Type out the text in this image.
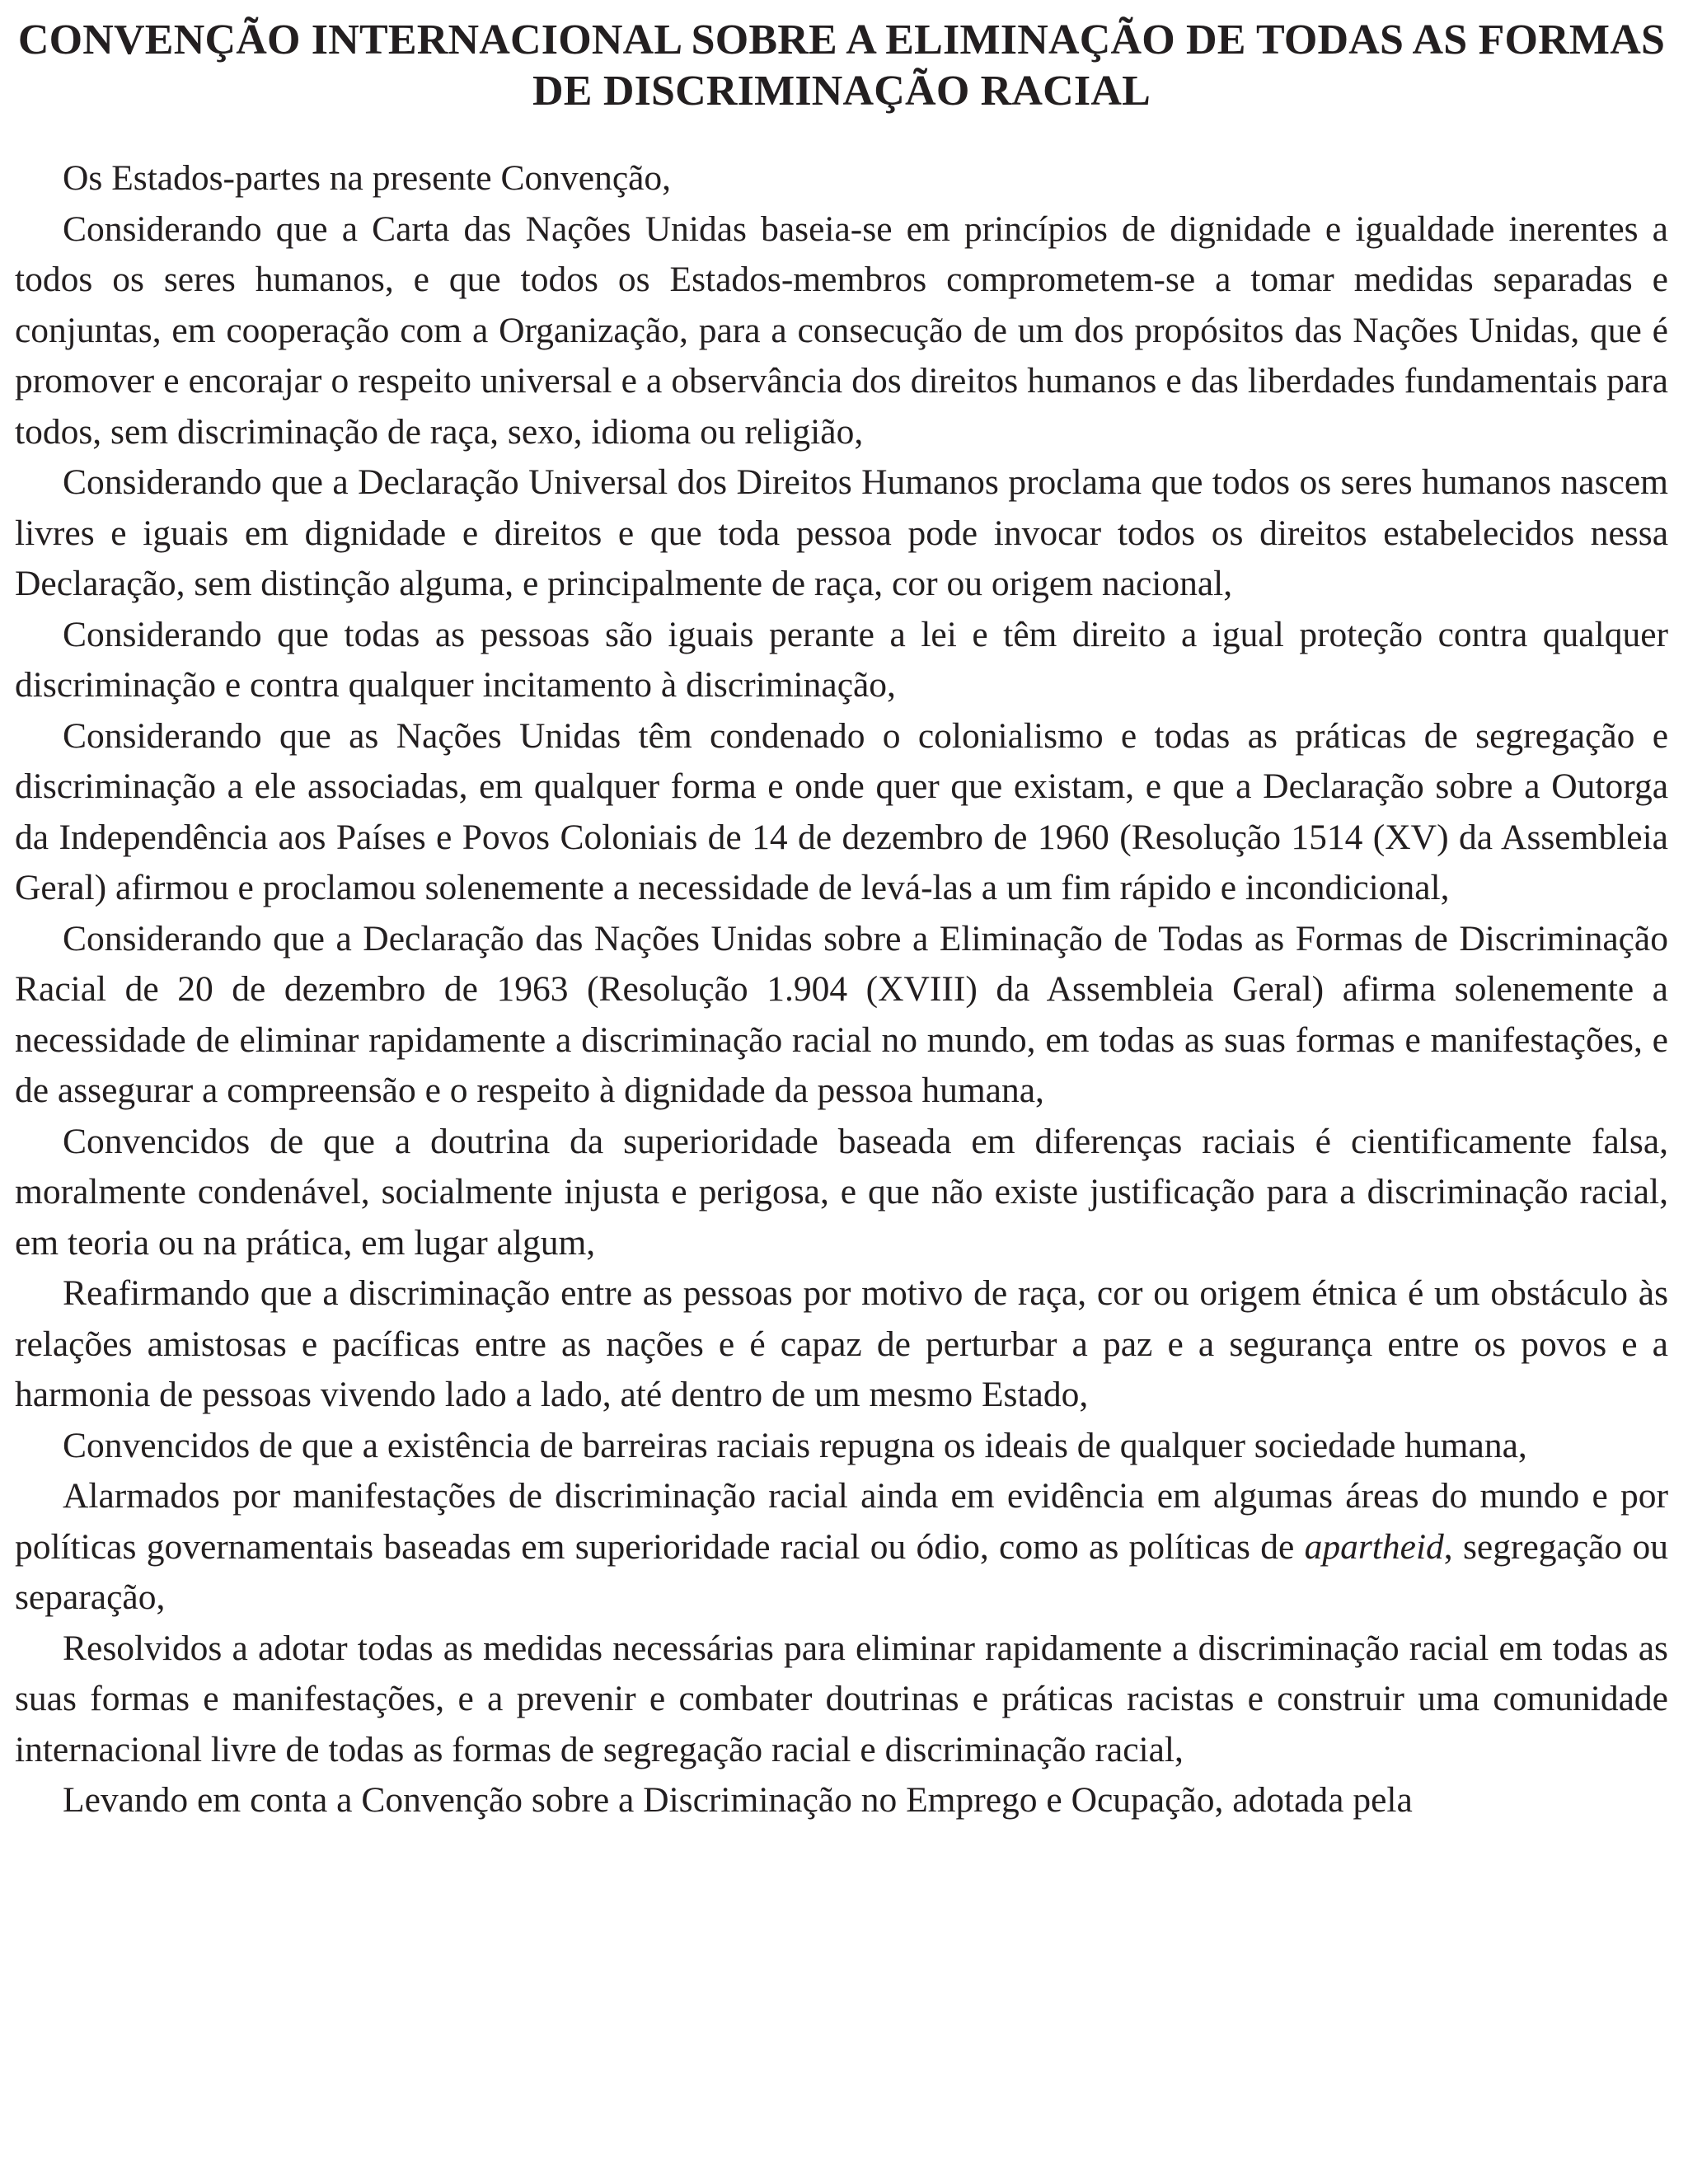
CONVENÇÃO INTERNACIONAL SOBRE A ELIMINAÇÃO DE TODAS AS FORMAS DE DISCRIMINAÇÃO RACIAL

Os Estados-partes na presente Convenção,

Considerando que a Carta das Nações Unidas baseia-se em princípios de dignidade e igualdade inerentes a todos os seres humanos, e que todos os Estados-membros comprometem-se a tomar medidas separadas e conjuntas, em cooperação com a Organização, para a consecução de um dos propósitos das Nações Unidas, que é promover e encorajar o respeito universal e a observância dos direitos humanos e das liberdades fundamentais para todos, sem discriminação de raça, sexo, idioma ou religião,

Considerando que a Declaração Universal dos Direitos Humanos proclama que todos os seres humanos nascem livres e iguais em dignidade e direitos e que toda pessoa pode invocar todos os direitos estabelecidos nessa Declaração, sem distinção alguma, e principalmente de raça, cor ou origem nacional,

Considerando que todas as pessoas são iguais perante a lei e têm direito a igual proteção contra qualquer discriminação e contra qualquer incitamento à discriminação,

Considerando que as Nações Unidas têm condenado o colonialismo e todas as práticas de segregação e discriminação a ele associadas, em qualquer forma e onde quer que existam, e que a Declaração sobre a Outorga da Independência aos Países e Povos Coloniais de 14 de dezembro de 1960 (Resolução 1514 (XV) da Assembleia Geral) afirmou e proclamou solenemente a necessidade de levá-las a um fim rápido e incondicional,

Considerando que a Declaração das Nações Unidas sobre a Eliminação de Todas as Formas de Discriminação Racial de 20 de dezembro de 1963 (Resolução 1.904 (XVIII) da Assembleia Geral) afirma solenemente a necessidade de eliminar rapidamente a discriminação racial no mundo, em todas as suas formas e manifestações, e de assegurar a compreensão e o respeito à dignidade da pessoa humana,

Convencidos de que a doutrina da superioridade baseada em diferenças raciais é cientificamente falsa, moralmente condenável, socialmente injusta e perigosa, e que não existe justificação para a discriminação racial, em teoria ou na prática, em lugar algum,

Reafirmando que a discriminação entre as pessoas por motivo de raça, cor ou origem étnica é um obstáculo às relações amistosas e pacíficas entre as nações e é capaz de perturbar a paz e a segurança entre os povos e a harmonia de pessoas vivendo lado a lado, até dentro de um mesmo Estado,

Convencidos de que a existência de barreiras raciais repugna os ideais de qualquer sociedade humana,

Alarmados por manifestações de discriminação racial ainda em evidência em algumas áreas do mundo e por políticas governamentais baseadas em superioridade racial ou ódio, como as políticas de apartheid, segregação ou separação,

Resolvidos a adotar todas as medidas necessárias para eliminar rapidamente a discriminação racial em todas as suas formas e manifestações, e a prevenir e combater doutrinas e práticas racistas e construir uma comunidade internacional livre de todas as formas de segregação racial e discriminação racial,

Levando em conta a Convenção sobre a Discriminação no Emprego e Ocupação, adotada pela
